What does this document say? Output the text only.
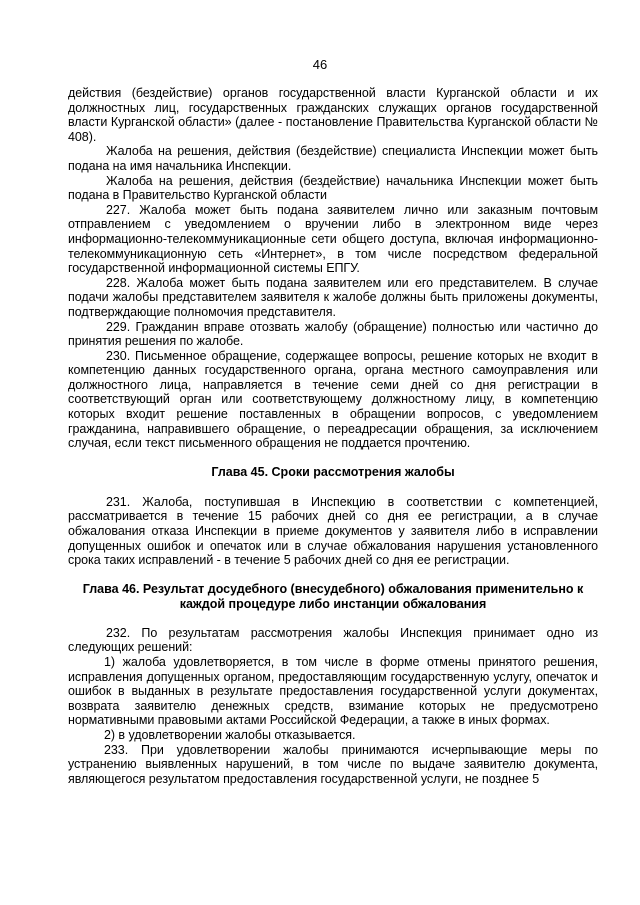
46

действия (бездействие) органов государственной власти Курганской области и их должностных лиц, государственных гражданских служащих органов государственной власти Курганской области» (далее - постановление Правительства Курганской области № 408).

Жалоба на решения, действия (бездействие) специалиста Инспекции может быть подана на имя начальника Инспекции.

Жалоба на решения, действия (бездействие) начальника Инспекции может быть подана в Правительство Курганской области

227. Жалоба может быть подана заявителем лично или заказным почтовым отправлением с уведомлением о вручении либо в электронном виде через информационно-телекоммуникационные сети общего доступа, включая информационно-телекоммуникационную сеть «Интернет», в том числе посредством федеральной государственной информационной системы ЕПГУ.

228. Жалоба может быть подана заявителем или его представителем. В случае подачи жалобы представителем заявителя к жалобе должны быть приложены документы, подтверждающие полномочия представителя.

229. Гражданин вправе отозвать жалобу (обращение) полностью или частично до принятия решения по жалобе.

230. Письменное обращение, содержащее вопросы, решение которых не входит в компетенцию данных государственного органа, органа местного самоуправления или должностного лица, направляется в течение семи дней со дня регистрации в соответствующий орган или соответствующему должностному лицу, в компетенцию которых входит решение поставленных в обращении вопросов, с уведомлением гражданина, направившего обращение, о переадресации обращения, за исключением случая, если текст письменного обращения не поддается прочтению.

Глава 45. Сроки рассмотрения жалобы

231. Жалоба, поступившая в Инспекцию в соответствии с компетенцией, рассматривается в течение 15 рабочих дней со дня ее регистрации, а в случае обжалования отказа Инспекции в приеме документов у заявителя либо в исправлении допущенных ошибок и опечаток или в случае обжалования нарушения установленного срока таких исправлений - в течение 5 рабочих дней со дня ее регистрации.

Глава 46. Результат досудебного (внесудебного) обжалования применительно к каждой процедуре либо инстанции обжалования

232. По результатам рассмотрения жалобы Инспекция принимает одно из следующих решений:

1) жалоба удовлетворяется, в том числе в форме отмены принятого решения, исправления допущенных органом, предоставляющим государственную услугу, опечаток и ошибок в выданных в результате предоставления государственной услуги документах, возврата заявителю денежных средств, взимание которых не предусмотрено нормативными правовыми актами Российской Федерации, а также в иных формах.

2) в удовлетворении жалобы отказывается.

233. При удовлетворении жалобы принимаются исчерпывающие меры по устранению выявленных нарушений, в том числе по выдаче заявителю документа, являющегося результатом предоставления государственной услуги, не позднее 5
